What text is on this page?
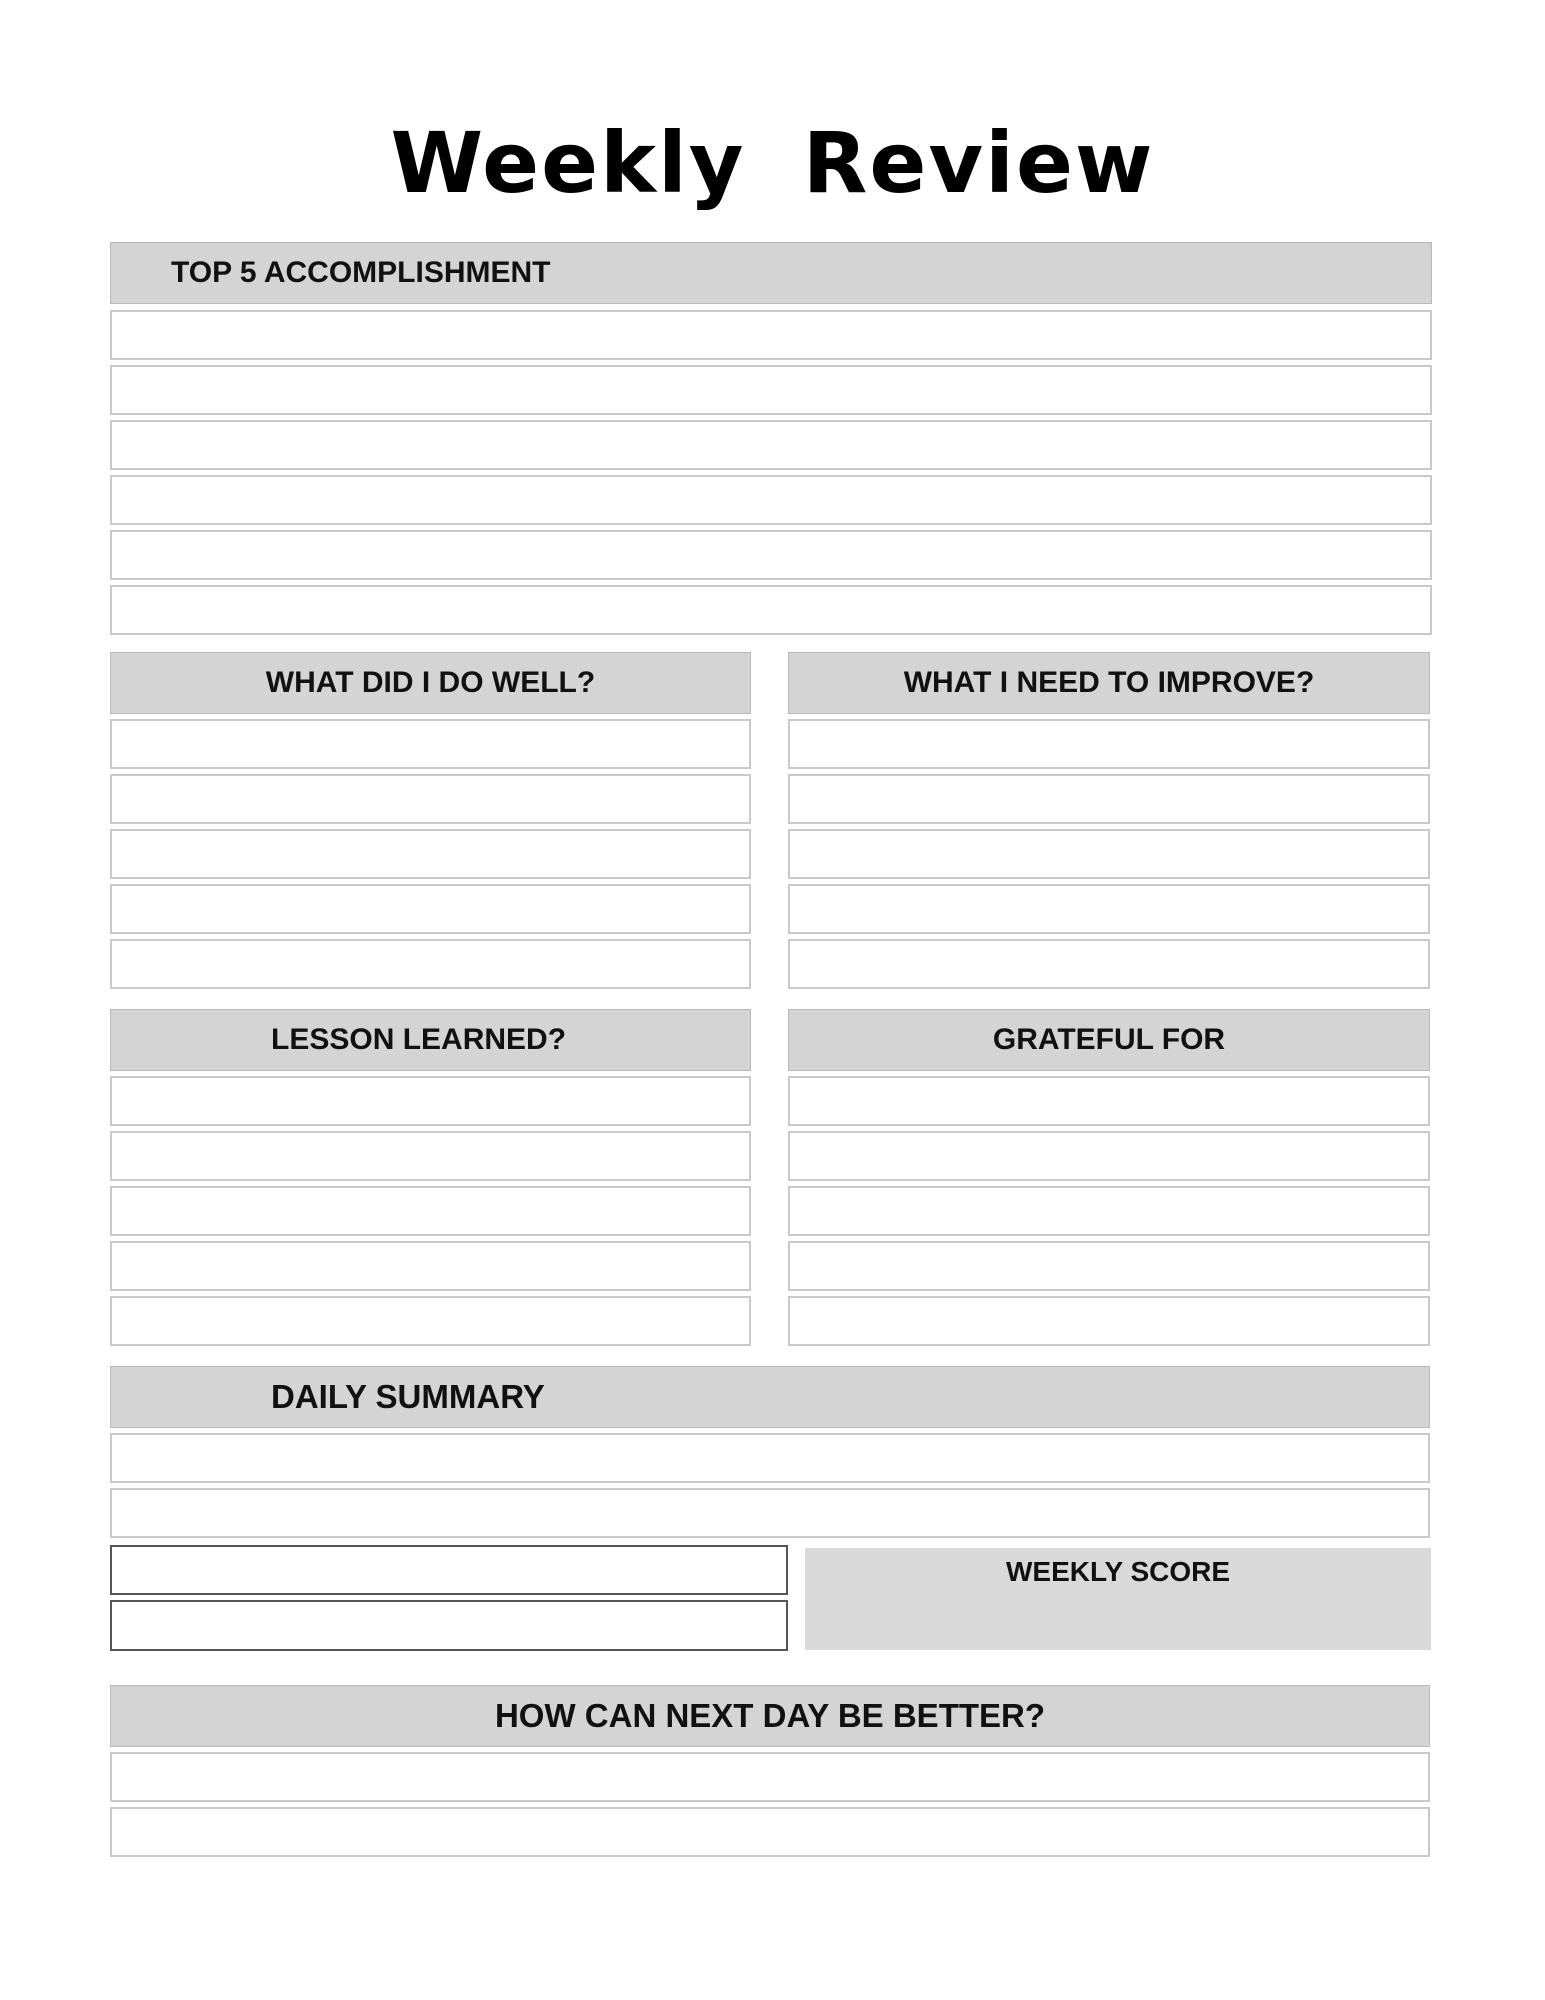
Weekly Review
TOP 5 ACCOMPLISHMENT
WHAT DID I DO WELL?	WHAT I NEED TO IMPROVE?
LESSON LEARNED?	GRATEFUL FOR
DAILY SUMMARY
WEEKLY SCORE
HOW CAN NEXT DAY BE BETTER?
